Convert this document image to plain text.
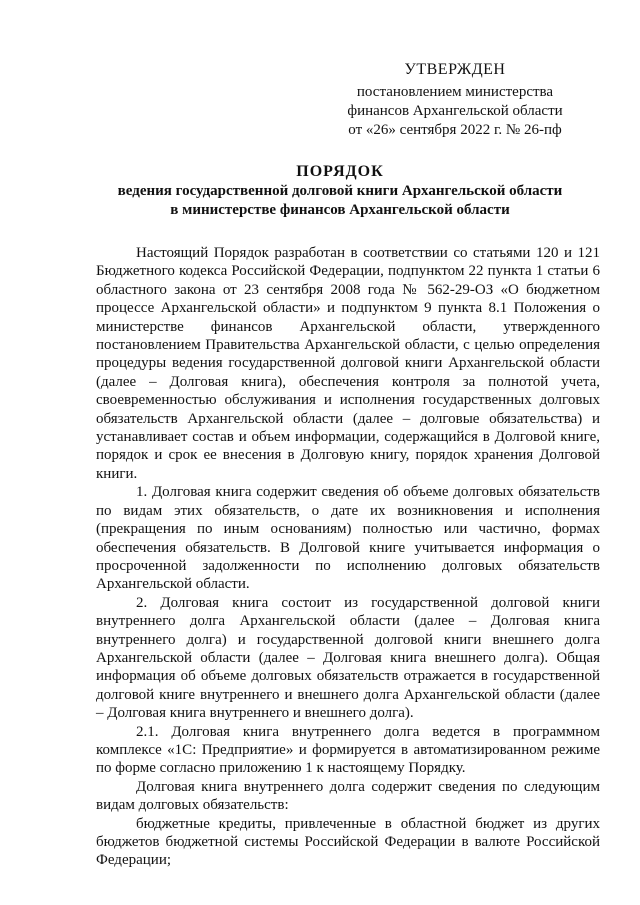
УТВЕРЖДЕН
постановлением министерства
финансов Архангельской области
от «26» сентября 2022 г. № 26-пф
ПОРЯДОК
ведения государственной долговой книги Архангельской области
в министерстве финансов Архангельской области

Настоящий Порядок разработан в соответствии со статьями 120 и 121 Бюджетного кодекса Российской Федерации, подпунктом 22 пункта 1 статьи 6 областного закона от 23 сентября 2008 года № 562-29-ОЗ «О бюджетном процессе Архангельской области» и подпунктом 9 пункта 8.1 Положения о министерстве финансов Архангельской области, утвержденного постановлением Правительства Архангельской области, с целью определения процедуры ведения государственной долговой книги Архангельской области (далее – Долговая книга), обеспечения контроля за полнотой учета, своевременностью обслуживания и исполнения государственных долговых обязательств Архангельской области (далее – долговые обязательства) и устанавливает состав и объем информации, содержащийся в Долговой книге, порядок и срок ее внесения в Долговую книгу, порядок хранения Долговой книги.

1. Долговая книга содержит сведения об объеме долговых обязательств по видам этих обязательств, о дате их возникновения и исполнения (прекращения по иным основаниям) полностью или частично, формах обеспечения обязательств. В Долговой книге учитывается информация о просроченной задолженности по исполнению долговых обязательств Архангельской области.

2. Долговая книга состоит из государственной долговой книги внутреннего долга Архангельской области (далее – Долговая книга внутреннего долга) и государственной долговой книги внешнего долга Архангельской области (далее – Долговая книга внешнего долга). Общая информация об объеме долговых обязательств отражается в государственной долговой книге внутреннего и внешнего долга Архангельской области (далее – Долговая книга внутреннего и внешнего долга).

2.1. Долговая книга внутреннего долга ведется в программном комплексе «1С: Предприятие» и формируется в автоматизированном режиме по форме согласно приложению 1 к настоящему Порядку.

Долговая книга внутреннего долга содержит сведения по следующим видам долговых обязательств:

бюджетные кредиты, привлеченные в областной бюджет из других бюджетов бюджетной системы Российской Федерации в валюте Российской Федерации;
